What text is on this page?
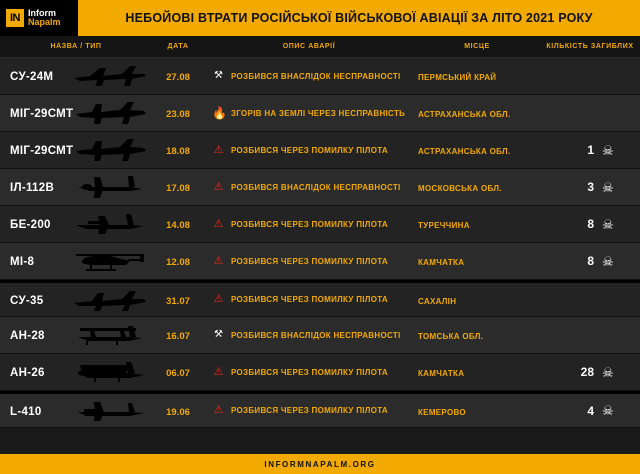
IN Inform
Napalm	НЕБОЙОВІ ВТРАТИ РОСІЙСЬКОЇ ВІЙСЬКОВОЇ АВІАЦІЇ ЗА ЛІТО 2021 РОКУ
НАЗВА / ТИП	ДАТА	ОПИС АВАРІЇ	МІСЦЕ	КІЛЬКІСТЬ ЗАГИБЛИХ
СУ-24М	27.08	⚒ РОЗБИВСЯ ВНАСЛІДОК НЕСПРАВНОСТІ	ПЕРМСЬКИЙ КРАЙ
МІГ-29СМТ	23.08	🔥 ЗГОРІВ НА ЗЕМЛІ ЧЕРЕЗ НЕСПРАВНІСТЬ	АСТРАХАНСЬКА ОБЛ.
МІГ-29СМТ	18.08	⚠ РОЗБИВСЯ ЧЕРЕЗ ПОМИЛКУ ПІЛОТА	АСТРАХАНСЬКА ОБЛ.	1 ☠
ІЛ-112В	17.08	⚠ РОЗБИВСЯ ВНАСЛІДОК НЕСПРАВНОСТІ	МОСКОВСЬКА ОБЛ.	3 ☠
БЕ-200	14.08	⚠ РОЗБИВСЯ ЧЕРЕЗ ПОМИЛКУ ПІЛОТА	ТУРЕЧЧИНА	8 ☠
МІ-8	12.08	⚠ РОЗБИВСЯ ЧЕРЕЗ ПОМИЛКУ ПІЛОТА	КАМЧАТКА	8 ☠
СУ-35	31.07	⚠ РОЗБИВСЯ ЧЕРЕЗ ПОМИЛКУ ПІЛОТА	САХАЛІН
АН-28	16.07	⚒ РОЗБИВСЯ ВНАСЛІДОК НЕСПРАВНОСТІ	ТОМСЬКА ОБЛ.
АН-26	06.07	⚠ РОЗБИВСЯ ЧЕРЕЗ ПОМИЛКУ ПІЛОТА	КАМЧАТКА	28 ☠
L-410	19.06	⚠ РОЗБИВСЯ ЧЕРЕЗ ПОМИЛКУ ПІЛОТА	КЕМЕРОВО	4 ☠
INFORMNAPALM.ORG
